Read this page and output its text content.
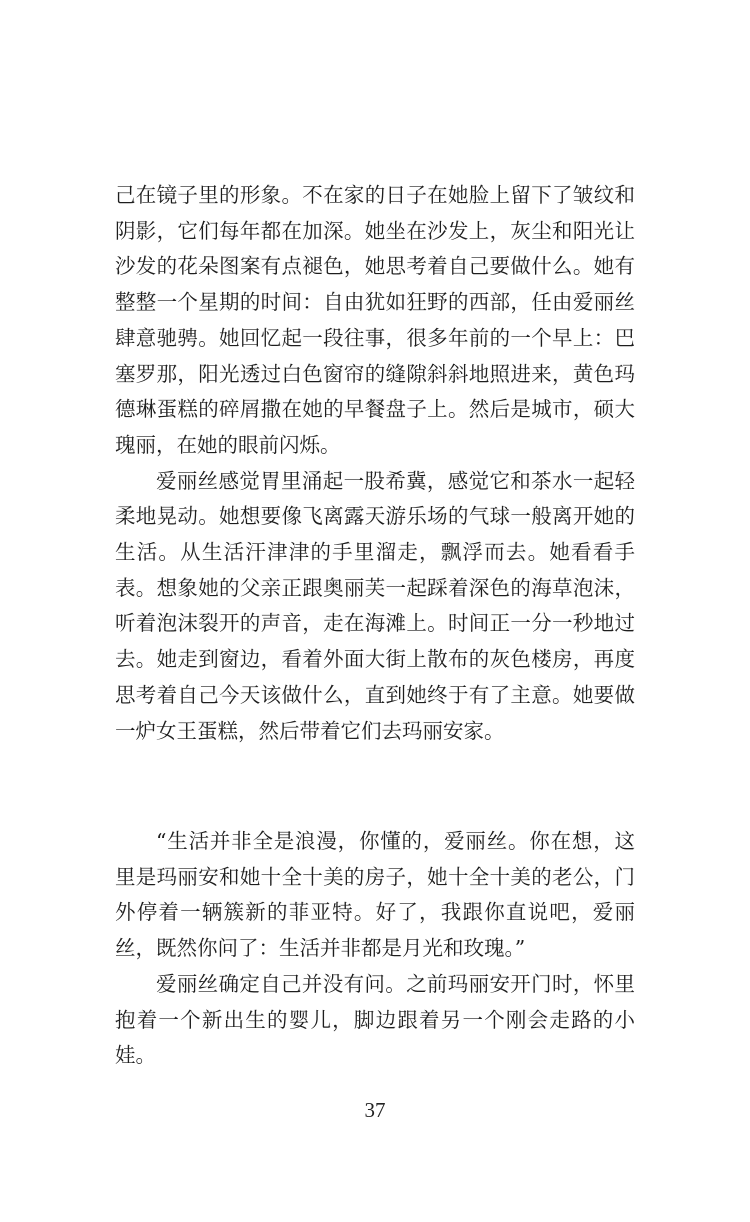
己在镜子里的形象。不在家的日子在她脸上留下了皱纹和阴影，它们每年都在加深。她坐在沙发上，灰尘和阳光让沙发的花朵图案有点褪色，她思考着自己要做什么。她有整整一个星期的时间：自由犹如狂野的西部，任由爱丽丝肆意驰骋。她回忆起一段往事，很多年前的一个早上：巴塞罗那，阳光透过白色窗帘的缝隙斜斜地照进来，黄色玛德琳蛋糕的碎屑撒在她的早餐盘子上。然后是城市，硕大瑰丽，在她的眼前闪烁。

爱丽丝感觉胃里涌起一股希冀，感觉它和茶水一起轻柔地晃动。她想要像飞离露天游乐场的气球一般离开她的生活。从生活汗津津的手里溜走，飘浮而去。她看看手表。想象她的父亲正跟奥丽芙一起踩着深色的海草泡沫，听着泡沫裂开的声音，走在海滩上。时间正一分一秒地过去。她走到窗边，看着外面大街上散布的灰色楼房，再度思考着自己今天该做什么，直到她终于有了主意。她要做一炉女王蛋糕，然后带着它们去玛丽安家。

“生活并非全是浪漫，你懂的，爱丽丝。你在想，这里是玛丽安和她十全十美的房子，她十全十美的老公，门外停着一辆簇新的菲亚特。好了，我跟你直说吧，爱丽丝，既然你问了：生活并非都是月光和玫瑰。”

爱丽丝确定自己并没有问。之前玛丽安开门时，怀里抱着一个新出生的婴儿，脚边跟着另一个刚会走路的小娃。

37
